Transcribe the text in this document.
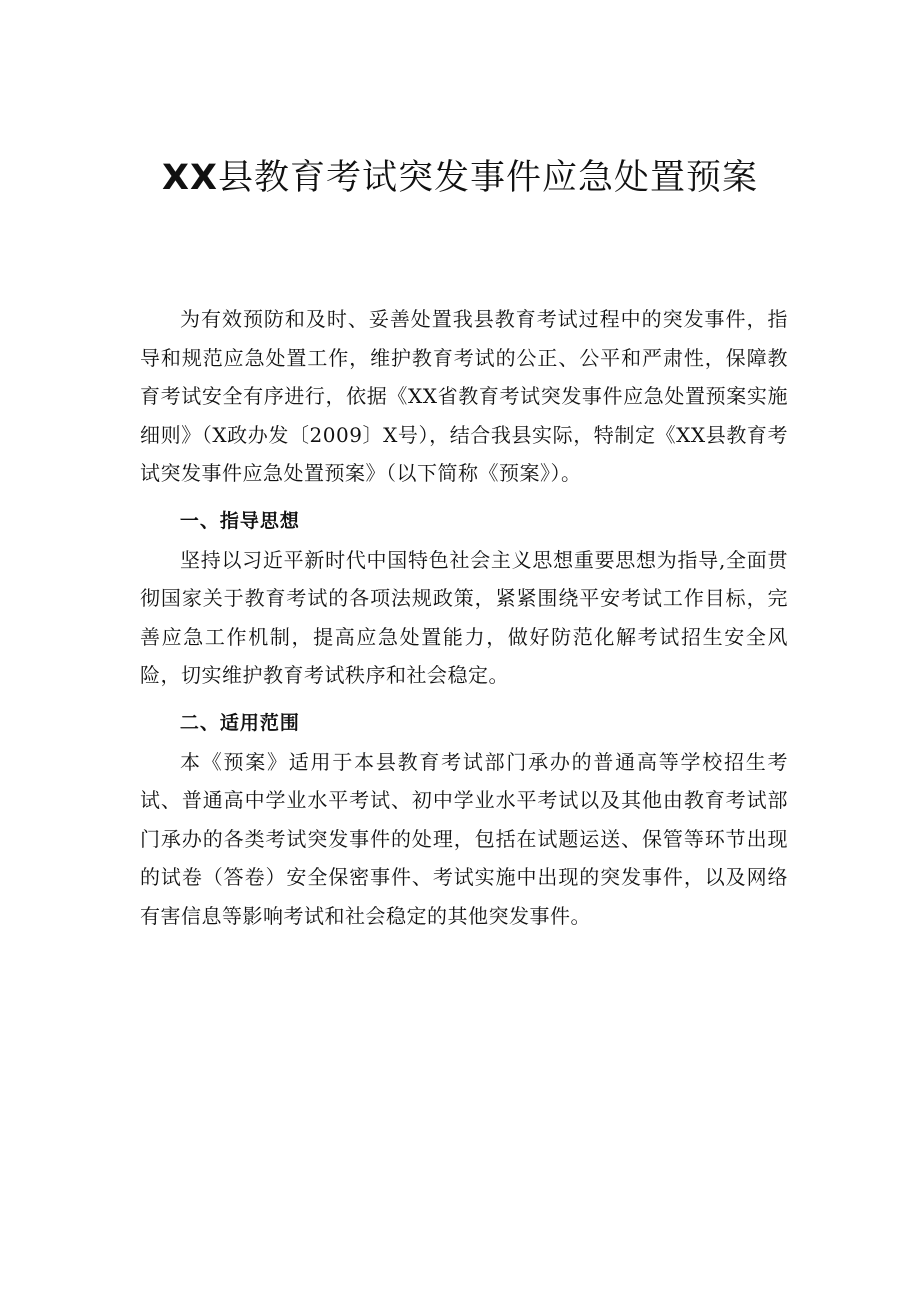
XX县教育考试突发事件应急处置预案

为有效预防和及时、妥善处置我县教育考试过程中的突发事件，指导和规范应急处置工作，维护教育考试的公正、公平和严肃性，保障教育考试安全有序进行，依据《XX省教育考试突发事件应急处置预案实施细则》（X政办发〔2009〕X号），结合我县实际，特制定《XX县教育考试突发事件应急处置预案》（以下简称《预案》）。

一、指导思想

坚持以习近平新时代中国特色社会主义思想重要思想为指导,全面贯彻国家关于教育考试的各项法规政策，紧紧围绕平安考试工作目标，完善应急工作机制，提高应急处置能力，做好防范化解考试招生安全风险，切实维护教育考试秩序和社会稳定。

二、适用范围

本《预案》适用于本县教育考试部门承办的普通高等学校招生考试、普通高中学业水平考试、初中学业水平考试以及其他由教育考试部门承办的各类考试突发事件的处理，包括在试题运送、保管等环节出现的试卷（答卷）安全保密事件、考试实施中出现的突发事件，以及网络有害信息等影响考试和社会稳定的其他突发事件。
